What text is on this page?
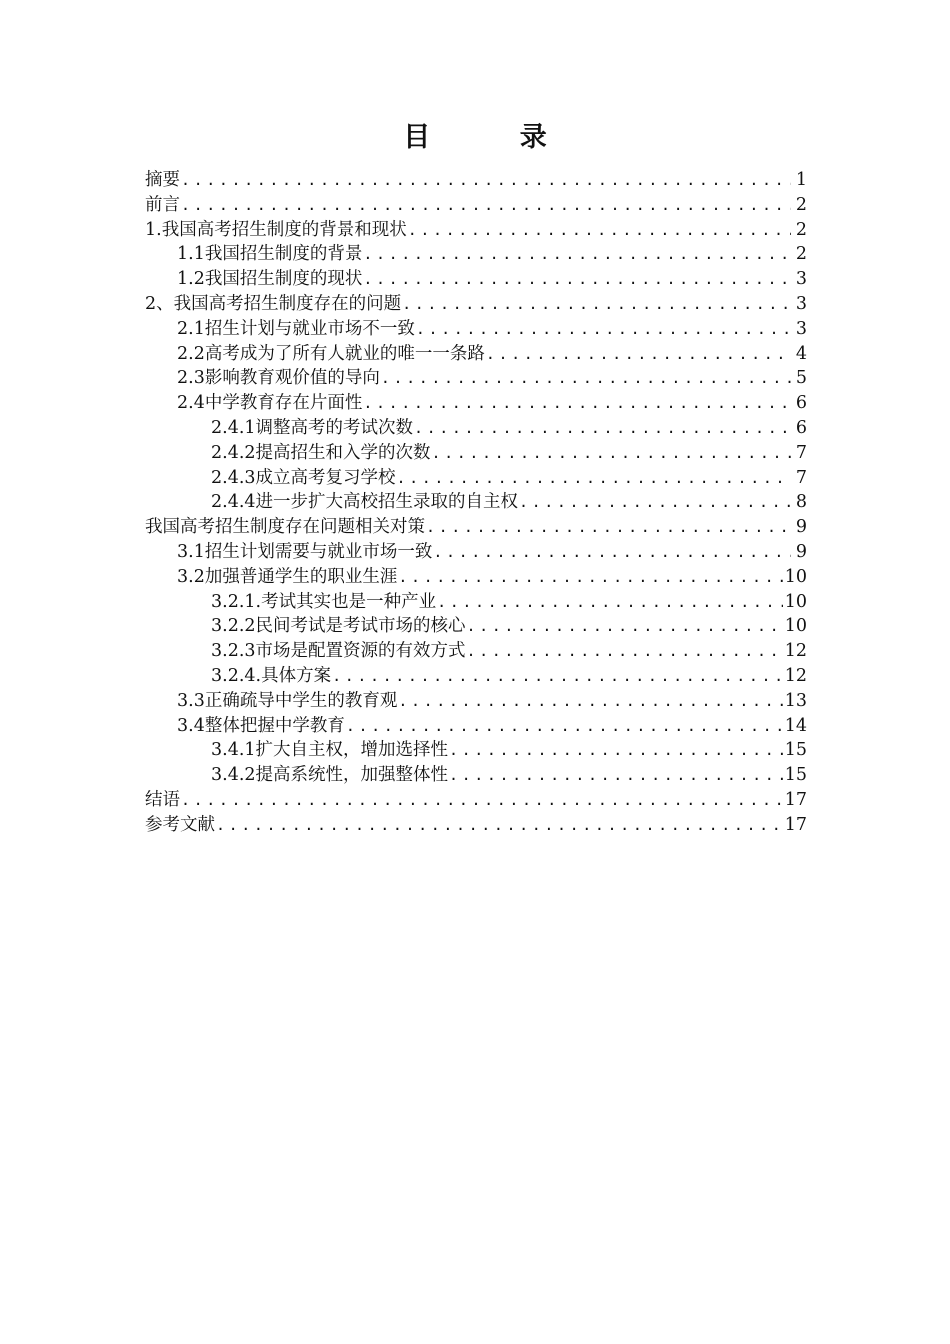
目 录
摘要 .....	1
前言 .....	2
1.我国高考招生制度的背景和现状 .....	2
1.1我国招生制度的背景 .....	2
1.2我国招生制度的现状 .....	3
2、我国高考招生制度存在的问题 .....	3
2.1招生计划与就业市场不一致 .....	3
2.2高考成为了所有人就业的唯一一条路 .....	4
2.3影响教育观价值的导向 .....	5
2.4中学教育存在片面性 .....	6
2.4.1调整高考的考试次数 .....	6
2.4.2提高招生和入学的次数 .....	7
2.4.3成立高考复习学校 .....	7
2.4.4进一步扩大高校招生录取的自主权 .....	8
我国高考招生制度存在问题相关对策 .....	9
3.1招生计划需要与就业市场一致 .....	9
3.2加强普通学生的职业生涯 .....	10
3.2.1.考试其实也是一种产业 .....	10
3.2.2民间考试是考试市场的核心 .....	10
3.2.3市场是配置资源的有效方式 .....	12
3.2.4.具体方案 .....	12
3.3正确疏导中学生的教育观 .....	13
3.4整体把握中学教育 .....	14
3.4.1扩大自主权，增加选择性 .....	15
3.4.2提高系统性，加强整体性 .....	15
结语 .....	17
参考文献 .....	17
